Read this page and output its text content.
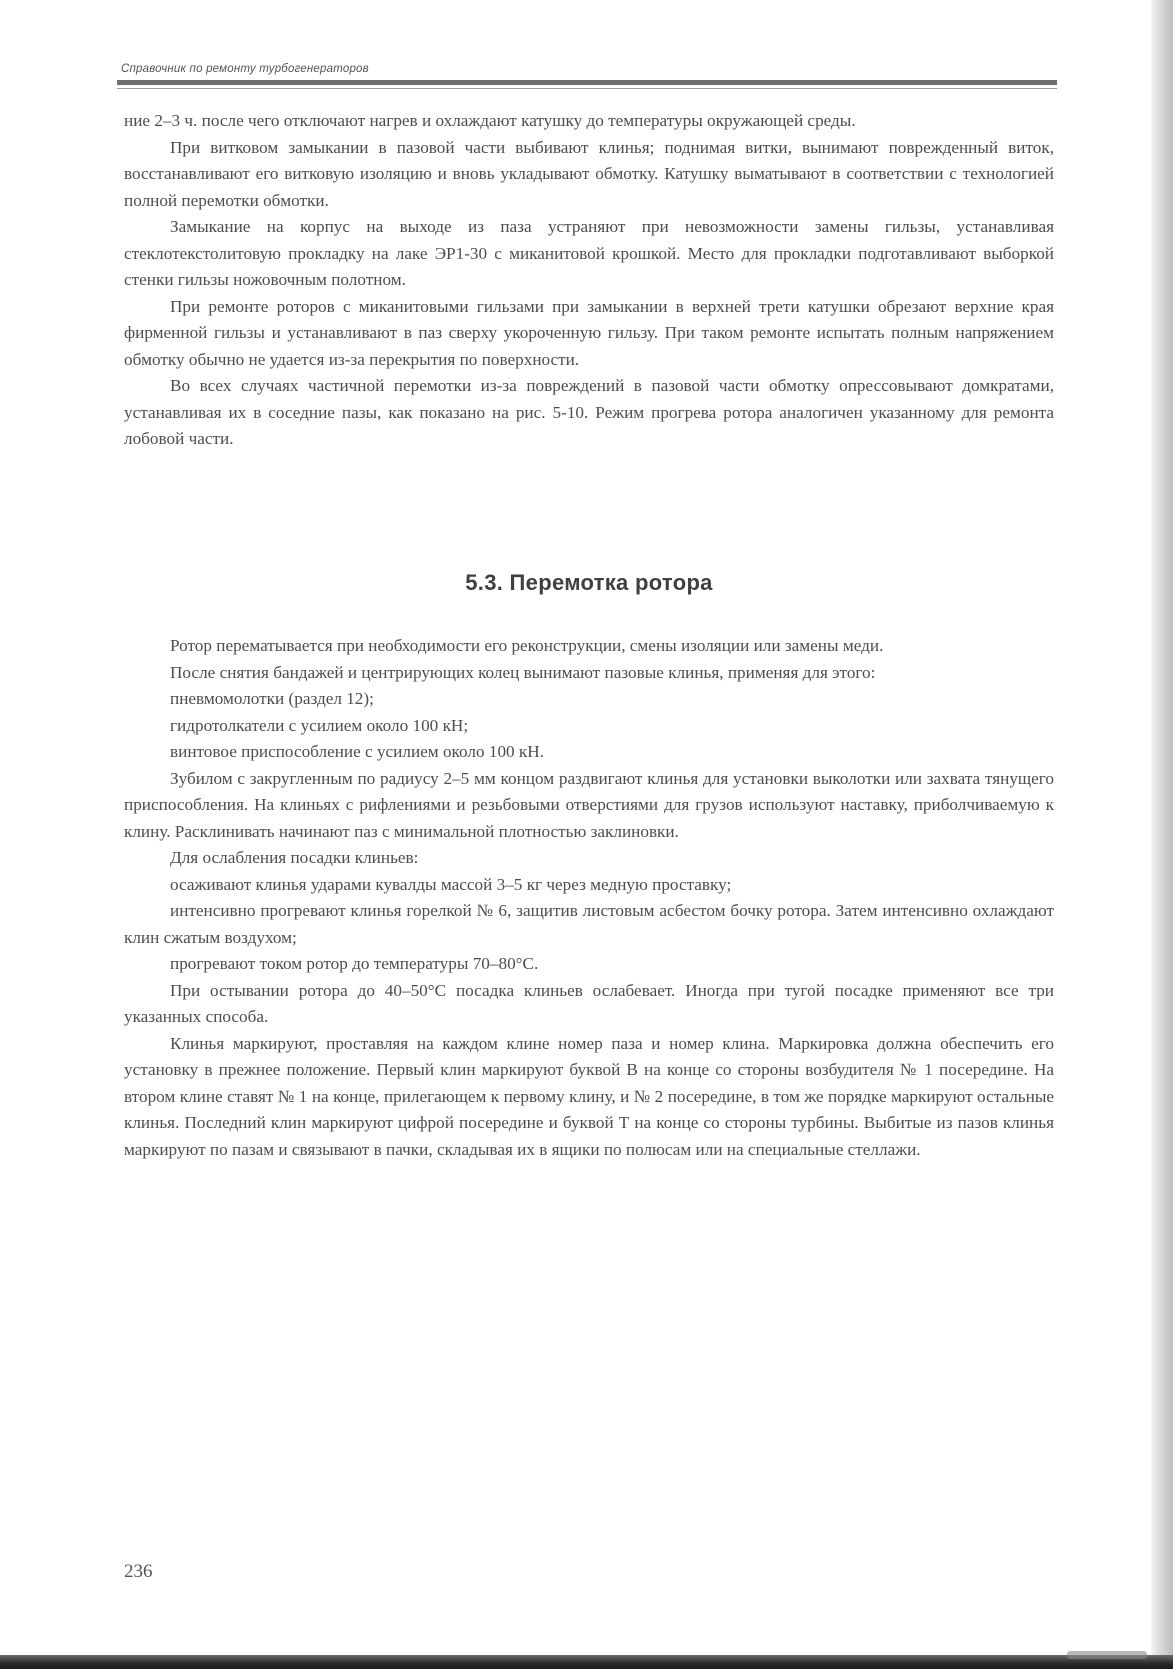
Справочник по ремонту турбогенераторов

ние 2–3 ч. после чего отключают нагрев и охлаждают катушку до температуры окружающей среды.

При витковом замыкании в пазовой части выбивают клинья; поднимая витки, вынимают поврежденный виток, восстанавливают его витковую изоляцию и вновь укладывают обмотку. Катушку выматывают в соответствии с технологией полной перемотки обмотки.

Замыкание на корпус на выходе из паза устраняют при невозможности замены гильзы, устанавливая стеклотекстолитовую прокладку на лаке ЭР1-30 с миканитовой крошкой. Место для прокладки подготавливают выборкой стенки гильзы ножовочным полотном.

При ремонте роторов с миканитовыми гильзами при замыкании в верхней трети катушки обрезают верхние края фирменной гильзы и устанавливают в паз сверху укороченную гильзу. При таком ремонте испытать полным напряжением обмотку обычно не удается из-за перекрытия по поверхности.

Во всех случаях частичной перемотки из-за повреждений в пазовой части обмотку опрессовывают домкратами, устанавливая их в соседние пазы, как показано на рис. 5-10. Режим прогрева ротора аналогичен указанному для ремонта лобовой части.

5.3. Перемотка ротора

Ротор перематывается при необходимости его реконструкции, смены изоляции или замены меди.

После снятия бандажей и центрирующих колец вынимают пазовые клинья, применяя для этого:

пневмомолотки (раздел 12);

гидротолкатели с усилием около 100 кН;

винтовое приспособление с усилием около 100 кН.

Зубилом с закругленным по радиусу 2–5 мм концом раздвигают клинья для установки выколотки или захвата тянущего приспособления. На клиньях с рифлениями и резьбовыми отверстиями для грузов используют наставку, приболчиваемую к клину. Расклинивать начинают паз с минимальной плотностью заклиновки.

Для ослабления посадки клиньев:

осаживают клинья ударами кувалды массой 3–5 кг через медную проставку;

интенсивно прогревают клинья горелкой № 6, защитив листовым асбестом бочку ротора. Затем интенсивно охлаждают клин сжатым воздухом;

прогревают током ротор до температуры 70–80°С.

При остывании ротора до 40–50°С посадка клиньев ослабевает. Иногда при тугой посадке применяют все три указанных способа.

Клинья маркируют, проставляя на каждом клине номер паза и номер клина. Маркировка должна обеспечить его установку в прежнее положение. Первый клин маркируют буквой В на конце со стороны возбудителя № 1 посередине. На втором клине ставят № 1 на конце, прилегающем к первому клину, и № 2 посередине, в том же порядке маркируют остальные клинья. Последний клин маркируют цифрой посередине и буквой Т на конце со стороны турбины. Выбитые из пазов клинья маркируют по пазам и связывают в пачки, складывая их в ящики по полюсам или на специальные стеллажи.

236
